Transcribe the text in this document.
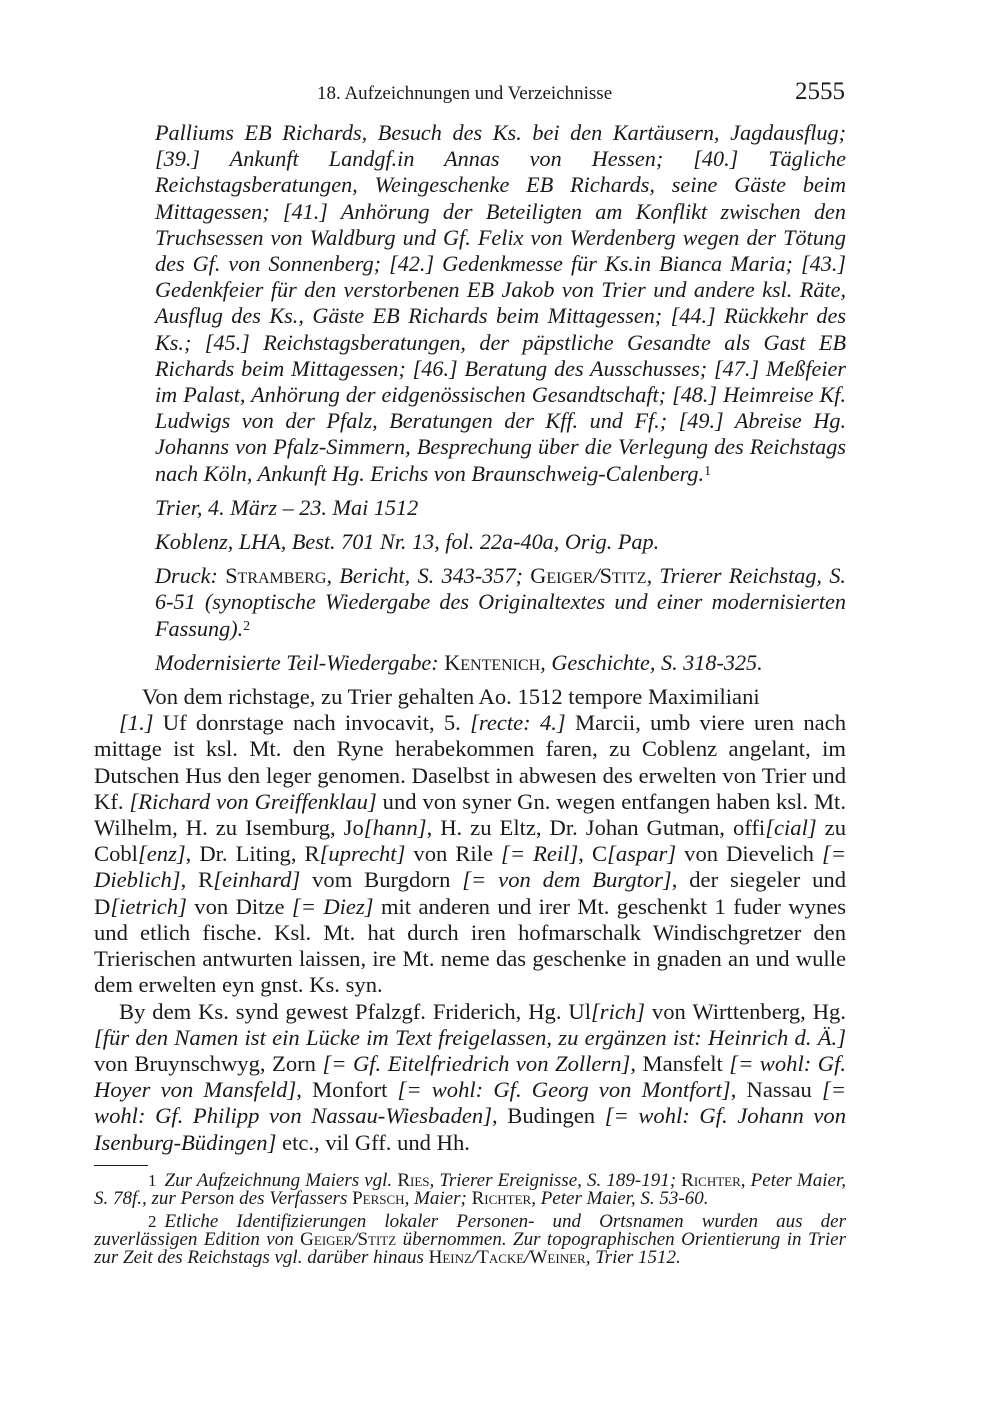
18. Aufzeichnungen und Verzeichnisse	2555

Palliums EB Richards, Besuch des Ks. bei den Kartäusern, Jagdausflug; [39.] Ankunft Landgf.in Annas von Hessen; [40.] Tägliche Reichstagsberatungen, Weingeschenke EB Richards, seine Gäste beim Mittagessen; [41.] Anhörung der Beteiligten am Konflikt zwischen den Truchsessen von Waldburg und Gf. Felix von Werdenberg wegen der Tötung des Gf. von Sonnenberg; [42.] Gedenkmesse für Ks.in Bianca Maria; [43.] Gedenkfeier für den verstorbenen EB Jakob von Trier und andere ksl. Räte, Ausflug des Ks., Gäste EB Richards beim Mittagessen; [44.] Rückkehr des Ks.; [45.] Reichstagsberatungen, der päpstliche Gesandte als Gast EB Richards beim Mittagessen; [46.] Beratung des Ausschusses; [47.] Meßfeier im Palast, Anhörung der eidgenössischen Gesandtschaft; [48.] Heimreise Kf. Ludwigs von der Pfalz, Beratungen der Kff. und Ff.; [49.] Abreise Hg. Johanns von Pfalz-Simmern, Besprechung über die Verlegung des Reichstags nach Köln, Ankunft Hg. Erichs von Braunschweig-Calenberg.$^1$

Trier, 4. März – 23. Mai 1512

Koblenz, LHA, Best. 701 Nr. 13, fol. 22a-40a, Orig. Pap.

Druck: Stramberg, Bericht, S. 343-357; Geiger/Stitz, Trierer Reichstag, S. 6-51 (synoptische Wiedergabe des Originaltextes und einer modernisierten Fassung).$^2$

Modernisierte Teil-Wiedergabe: Kentenich, Geschichte, S. 318-325.

Von dem richstage, zu Trier gehalten Ao. 1512 tempore Maximiliani

[1.] Uf donrstage nach invocavit, 5. [recte: 4.] Marcii, umb viere uren nach mittage ist ksl. Mt. den Ryne herabekommen faren, zu Coblenz angelant, im Dutschen Hus den leger genomen. Daselbst in abwesen des erwelten von Trier und Kf. [Richard von Greiffenklau] und von syner Gn. wegen entfangen haben ksl. Mt. Wilhelm, H. zu Isemburg, Jo[hann], H. zu Eltz, Dr. Johan Gutman, offi[cial] zu Cobl[enz], Dr. Liting, R[uprecht] von Rile [= Reil], C[aspar] von Dievelich [= Dieblich], R[einhard] vom Burgdorn [= von dem Burgtor], der siegeler und D[ietrich] von Ditze [= Diez] mit anderen und irer Mt. geschenkt 1 fuder wynes und etlich fische. Ksl. Mt. hat durch iren hofmarschalk Windischgretzer den Trierischen antwurten laissen, ire Mt. neme das geschenke in gnaden an und wulle dem erwelten eyn gnst. Ks. syn.

By dem Ks. synd gewest Pfalzgf. Friderich, Hg. Ul[rich] von Wirttenberg, Hg. [für den Namen ist ein Lücke im Text freigelassen, zu ergänzen ist: Heinrich d. Ä.] von Bruynschwyg, Zorn [= Gf. Eitelfriedrich von Zollern], Mansfelt [= wohl: Gf. Hoyer von Mansfeld], Monfort [= wohl: Gf. Georg von Montfort], Nassau [= wohl: Gf. Philipp von Nassau-Wiesbaden], Budingen [= wohl: Gf. Johann von Isenburg-Büdingen] etc., vil Gff. und Hh.

1 Zur Aufzeichnung Maiers vgl. Ries, Trierer Ereignisse, S. 189-191; Richter, Peter Maier, S. 78f., zur Person des Verfassers Persch, Maier; Richter, Peter Maier, S. 53-60.

2 Etliche Identifizierungen lokaler Personen- und Ortsnamen wurden aus der zuverlässigen Edition von Geiger/Stitz übernommen. Zur topographischen Orientierung in Trier zur Zeit des Reichstags vgl. darüber hinaus Heinz/Tacke/Weiner, Trier 1512.
